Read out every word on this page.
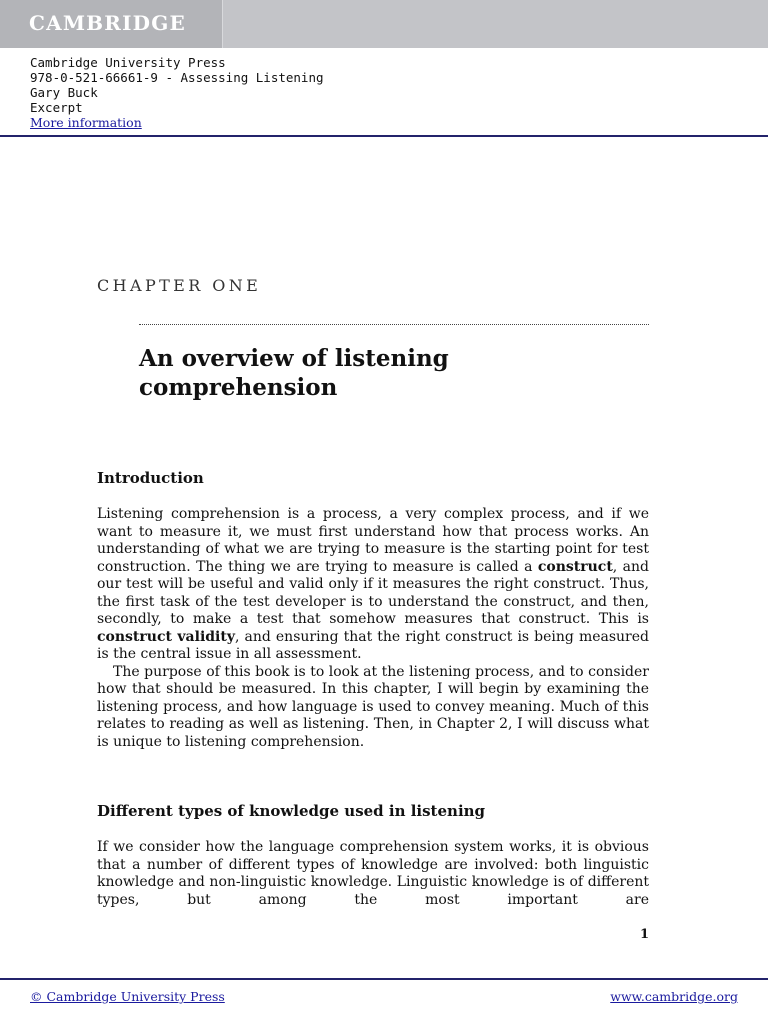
CAMBRIDGE
Cambridge University Press
978-0-521-66661-9 - Assessing Listening
Gary Buck
Excerpt
More information
CHAPTER ONE
An overview of listening
comprehension
Introduction

Listening comprehension is a process, a very complex process, and if we want to measure it, we must first understand how that process works. An understanding of what we are trying to measure is the starting point for test construction. The thing we are trying to measure is called a construct, and our test will be useful and valid only if it measures the right construct. Thus, the first task of the test developer is to understand the construct, and then, secondly, to make a test that somehow measures that construct. This is construct validity, and ensuring that the right construct is being measured is the central issue in all assessment.

The purpose of this book is to look at the listening process, and to consider how that should be measured. In this chapter, I will begin by examining the listening process, and how language is used to convey meaning. Much of this relates to reading as well as listening. Then, in Chapter 2, I will discuss what is unique to listening comprehension.

Different types of knowledge used in listening

If we consider how the language comprehension system works, it is obvious that a number of different types of knowledge are involved: both linguistic knowledge and non-linguistic knowledge. Linguistic knowledge is of different types, but among the most important are

1
© Cambridge University Press	www.cambridge.org
